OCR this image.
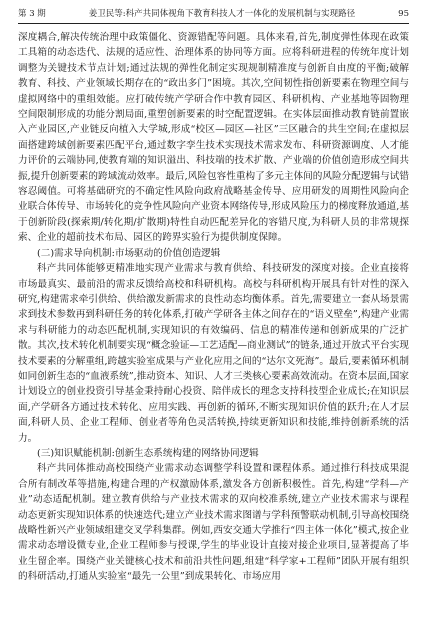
第 3 期	姜卫民等:科产共同体视角下教育科技人才一体化的发展机制与实现路径	95

深度耦合,解决传统治理中政策僵化、资源错配等问题。具体来看,首先,制度弹性体现在政策工具箱的动态迭代、法规的适应性、治理体系的协同等方面。应将科研进程的传统年度计划调整为关键技术节点计划;通过法规的弹性化制定实现规制精准度与创新自由度的平衡;破解教育、科技、产业领域长期存在的“政出多门”困境。其次,空间韧性指创新要素在物理空间与虚拟网络中的重组效能。应打破传统产学研合作中教育园区、科研机构、产业基地等固物理空间限制形成的功能分割局面,重塑创新要素的时空配置逻辑。在实体层面推动教育链前置嵌入产业园区,产业链反向植入大学城,形成“校区—园区—社区”三区融合的共生空间;在虚拟层面搭建跨域创新要素匹配平台,通过数字孪生技术实现技术需求发布、科研资源调度、人才能力评价的云端协同,使教育端的知识溢出、科技端的技术扩散、产业端的价值创造形成空间共振,提升创新要素的跨域流动效率。最后,风险包容性重构了多元主体间的风险分配逻辑与试错容忍阈值。可将基础研究的不确定性风险向政府战略基金传导、应用研发的周期性风险向企业联合体传导、市场转化的竞争性风险向产业资本网络传导,形成风险压力的梯度释放通道,基于创新阶段(探索期/转化期/扩散期)特性自动匹配差异化的容错尺度,为科研人员的非常规探索、企业的超前技术布局、园区的跨界实验行为提供制度保障。

(二)需求导向机制:市场驱动的价值创造逻辑

科产共同体能够更精准地实现产业需求与教育供给、科技研发的深度对接。企业直接将市场最真实、最前沿的需求反馈给高校和科研机构。高校与科研机构开展具有针对性的深入研究,构建需求牵引供给、供给激发新需求的良性动态均衡体系。首先,需要建立一套从场景需求到技术参数再到科研任务的转化体系,打破产学研各主体之间存在的“语义壁垒”,构建产业需求与科研能力的动态匹配机制,实现知识的有效编码、信息的精准传递和创新成果的广泛扩散。其次,技术转化机制要实现“概念验证—工艺适配—商业测试”的链条,通过开放式平台实现技术要素的分解重组,跨越实验室成果与产业化应用之间的“达尔文死海”。最后,要素循环机制如同创新生态的“血液系统”,推动资本、知识、人才三类核心要素高效流动。在资本层面,国家计划设立的创业投资引导基金秉持耐心投资、陪伴成长的理念支持科技型企业成长;在知识层面,产学研各方通过技术转化、应用实践、再创新的循环,不断实现知识价值的跃升;在人才层面,科研人员、企业工程师、创业者等角色灵活转换,持续更新知识和技能,维持创新系统的活力。

(三)知识赋能机制:创新生态系统构建的网络协同逻辑

科产共同体推动高校围绕产业需求动态调整学科设置和课程体系。通过推行科技成果混合所有制改革等措施,构建合理的产权激励体系,激发各方创新积极性。首先,构建“学科—产业”动态适配机制。建立教育供给与产业技术需求的双向校准系统,建立产业技术需求与课程动态更新实现知识体系的快速迭代;建立产业技术需求图谱与学科预警联动机制,引导高校围绕战略性新兴产业领域组建交叉学科集群。例如,西安交通大学推行“四主体一体化”模式,按企业需求动态增设微专业,企业工程师参与授课,学生的毕业设计直接对接企业项目,显著提高了毕业生留企率。围绕产业关键核心技术和前沿共性问题,组建“科学家+工程师”团队开展有组织的科研活动,打通从实验室“最先一公里”到成果转化、市场应用
